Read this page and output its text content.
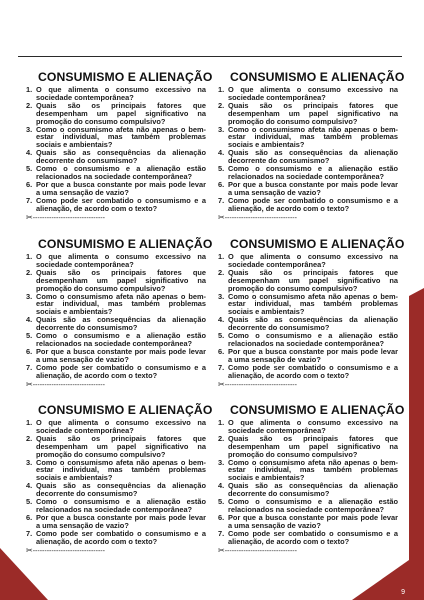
CONSUMISMO E ALIENAÇÃO
1. O que alimenta o consumo excessivo na sociedade contemporânea?
2. Quais são os principais fatores que desempenham um papel significativo na promoção do consumo compulsivo?
3. Como o consumismo afeta não apenas o bem-estar individual, mas também problemas sociais e ambientais?
4. Quais são as consequências da alienação decorrente do consumismo?
5. Como o consumismo e a alienação estão relacionados na sociedade contemporânea?
6. Por que a busca constante por mais pode levar a uma sensação de vazio?
7. Como pode ser combatido o consumismo e a alienação, de acordo com o texto?
✂-------------------------------
CONSUMISMO E ALIENAÇÃO
1. O que alimenta o consumo excessivo na sociedade contemporânea?
2. Quais são os principais fatores que desempenham um papel significativo na promoção do consumo compulsivo?
3. Como o consumismo afeta não apenas o bem-estar individual, mas também problemas sociais e ambientais?
4. Quais são as consequências da alienação decorrente do consumismo?
5. Como o consumismo e a alienação estão relacionados na sociedade contemporânea?
6. Por que a busca constante por mais pode levar a uma sensação de vazio?
7. Como pode ser combatido o consumismo e a alienação, de acordo com o texto?
✂-------------------------------
CONSUMISMO E ALIENAÇÃO
1. O que alimenta o consumo excessivo na sociedade contemporânea?
2. Quais são os principais fatores que desempenham um papel significativo na promoção do consumo compulsivo?
3. Como o consumismo afeta não apenas o bem-estar individual, mas também problemas sociais e ambientais?
4. Quais são as consequências da alienação decorrente do consumismo?
5. Como o consumismo e a alienação estão relacionados na sociedade contemporânea?
6. Por que a busca constante por mais pode levar a uma sensação de vazio?
7. Como pode ser combatido o consumismo e a alienação, de acordo com o texto?
✂-------------------------------
CONSUMISMO E ALIENAÇÃO
1. O que alimenta o consumo excessivo na sociedade contemporânea?
2. Quais são os principais fatores que desempenham um papel significativo na promoção do consumo compulsivo?
3. Como o consumismo afeta não apenas o bem-estar individual, mas também problemas sociais e ambientais?
4. Quais são as consequências da alienação decorrente do consumismo?
5. Como o consumismo e a alienação estão relacionados na sociedade contemporânea?
6. Por que a busca constante por mais pode levar a uma sensação de vazio?
7. Como pode ser combatido o consumismo e a alienação, de acordo com o texto?
✂-------------------------------
CONSUMISMO E ALIENAÇÃO
1. O que alimenta o consumo excessivo na sociedade contemporânea?
2. Quais são os principais fatores que desempenham um papel significativo na promoção do consumo compulsivo?
3. Como o consumismo afeta não apenas o bem-estar individual, mas também problemas sociais e ambientais?
4. Quais são as consequências da alienação decorrente do consumismo?
5. Como o consumismo e a alienação estão relacionados na sociedade contemporânea?
6. Por que a busca constante por mais pode levar a uma sensação de vazio?
7. Como pode ser combatido o consumismo e a alienação, de acordo com o texto?
✂-------------------------------
CONSUMISMO E ALIENAÇÃO
1. O que alimenta o consumo excessivo na sociedade contemporânea?
2. Quais são os principais fatores que desempenham um papel significativo na promoção do consumo compulsivo?
3. Como o consumismo afeta não apenas o bem-estar individual, mas também problemas sociais e ambientais?
4. Quais são as consequências da alienação decorrente do consumismo?
5. Como o consumismo e a alienação estão relacionados na sociedade contemporânea?
6. Por que a busca constante por mais pode levar a uma sensação de vazio?
7. Como pode ser combatido o consumismo e a alienação, de acordo com o texto?
✂-------------------------------
9
